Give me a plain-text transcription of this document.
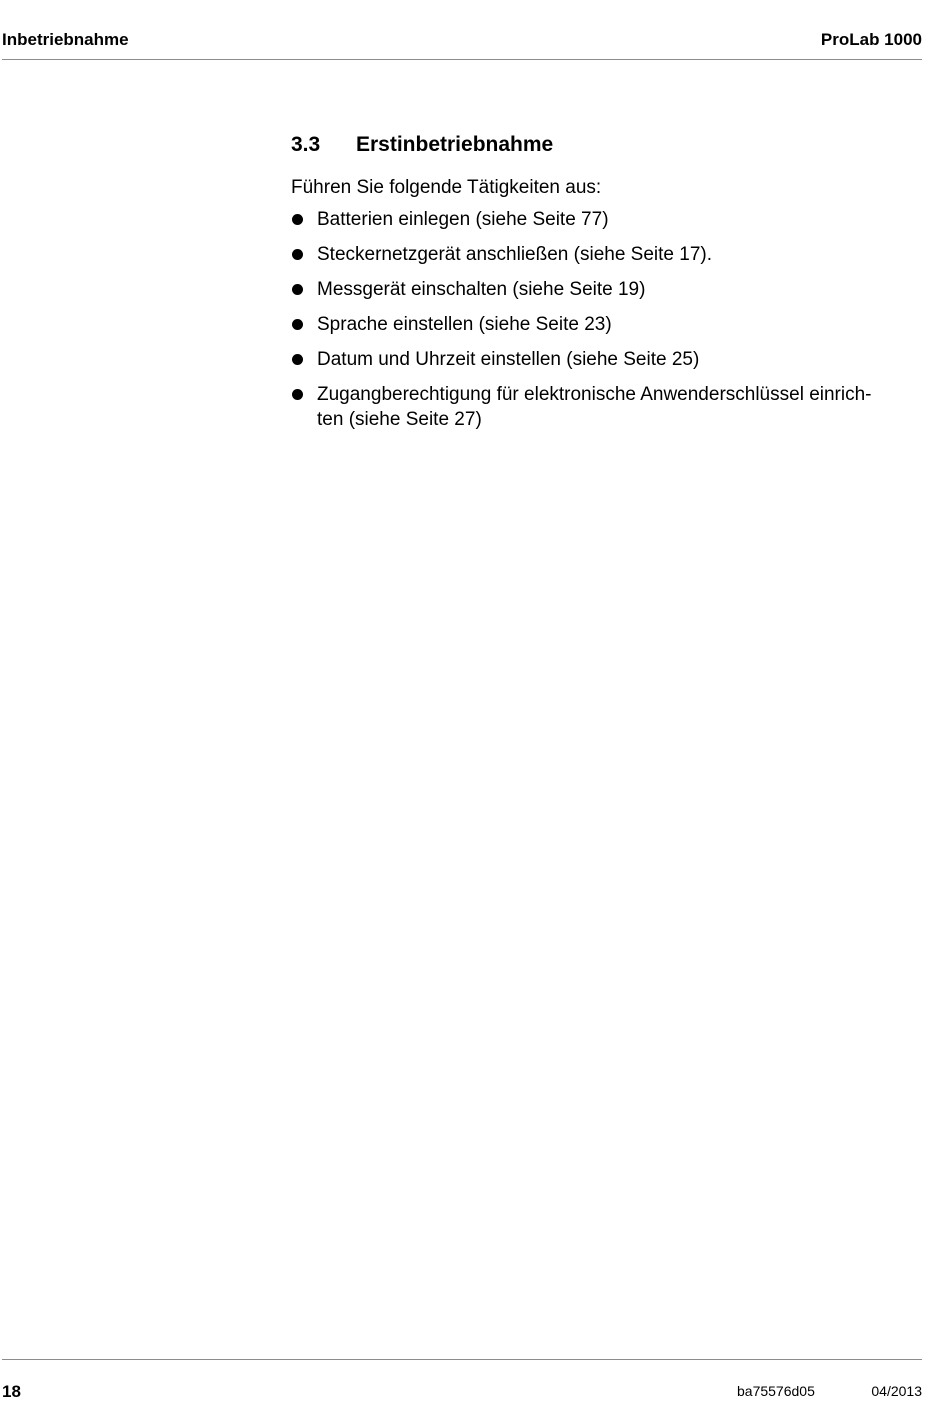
Inbetriebnahme	ProLab 1000
3.3 Erstinbetriebnahme
Führen Sie folgende Tätigkeiten aus:
Batterien einlegen (siehe Seite 77)
Steckernetzgerät anschließen (siehe Seite 17).
Messgerät einschalten (siehe Seite 19)
Sprache einstellen (siehe Seite 23)
Datum und Uhrzeit einstellen (siehe Seite 25)
Zugangberechtigung für elektronische Anwenderschlüssel einrich-
ten (siehe Seite 27)
18	ba75576d05	04/2013
